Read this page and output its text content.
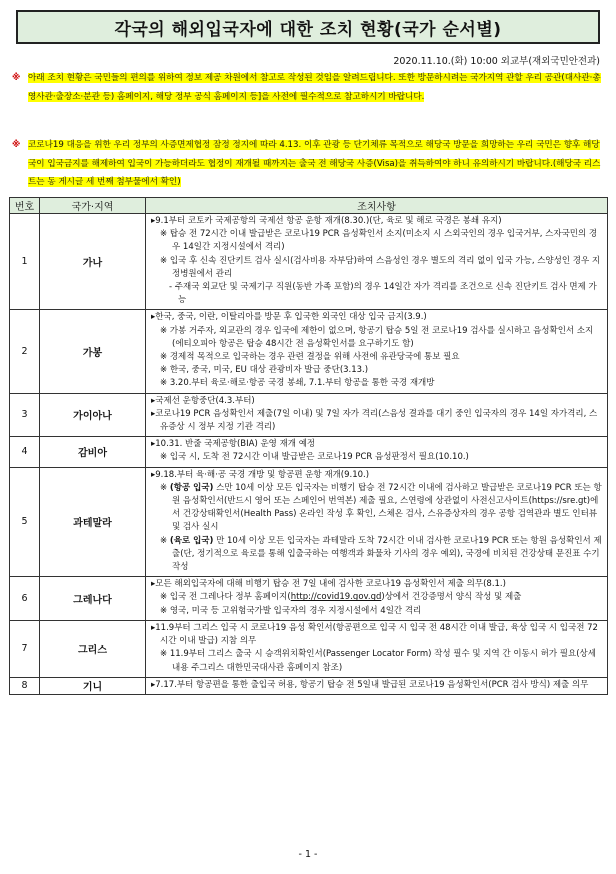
각국의 해외입국자에 대한 조치 현황(국가 순서별)
2020.11.10.(화) 10:00 외교부(재외국민안전과)
※ 아래 조치 현황은 국민들의 편의를 위하여 정보 제공 차원에서 참고로 작성된 것임을 알려드립니다. 또한 방문하시려는 국가지역 관할 우리 공관(대사관·총영사관·출장소·분관 등) 홈페이지, 해당 정부 공식 홈페이지 등]을 사전에 필수적으로 참고하시기 바랍니다.
※ 코로나19 대응을 위한 우리 정부의 사증면제협정 잠정 정지에 따라 4.13. 이후 관광 등 단기체류 목적으로 해당국 방문을 희망하는 우리 국민은 향후 해당국이 입국금지를 해제하여 입국이 가능하더라도 협정이 재개될 때까지는 출국 전 해당국 사증(Visa)을 취득하여야 하니 유의하시기 바랍니다.(해당국 리스트는 동 게시글 세 번째 첨부물에서 확인)
번호	국가·지역	조치사항
1	가나	▸9.1부터 코토카 국제공항의 국제선 항공 운항 재개(8.30.)(단, 육로 및 해로 국경은 봉쇄 유지)
※ 탑승 전 72시간 이내 발급받은 코로나19 PCR 음성확인서 소지(미소지 시 스외국인의 경우 입국거부, 스자국민의 경우 14일간 지정시설에서 격리)
※ 입국 후 신속 진단키트 검사 실시(검사비용 자부담)하여 스음성인 경우 별도의 격리 없이 입국 가능, 스양성인 경우 지정병원에서 관리
- 주재국 외교단 및 국제기구 직원(동반 가족 포함)의 경우 14일간 자가 격리를 조건으로 신속 진단키트 검사 면제 가능

2	가봉	▸한국, 중국, 이란, 이탈리아를 방문 후 입국한 외국인 대상 입국 금지(3.9.)
※ 가봉 거주자, 외교관의 경우 입국에 제한이 없으며, 항공기 탑승 5일 전 코로나19 검사를 실시하고 음성확인서 소지(에티오피아 항공은 탑승 48시간 전 음성확인서를 요구하기도 함)
※ 경제적 목적으로 입국하는 경우 관련 결정을 위해 사전에 유관당국에 통보 필요
※ 한국, 중국, 미국, EU 대상 관광비자 발급 중단(3.13.)
※ 3.20.부터 육로·해로·항공 국경 봉쇄, 7.1.부터 항공을 통한 국경 재개방

3	가이아나	▸국제선 운항중단(4.3.부터)
▸코로나19 PCR 음성확인서 제출(7일 이내) 및 7일 자가 격리(스음성 결과를 대기 중인 입국자의 경우 14일 자가격리, 스유증상 시 정부 지정 기관 격리)

4	감비아	▸10.31. 반줄 국제공항(BIA) 운영 재개 예정
※ 입국 시, 도착 전 72시간 이내 발급받은 코로나19 PCR 음성판정서 필요(10.10.)

5	과테말라	▸9.18.부터 육·해·공 국경 개방 및 항공편 운항 재개(9.10.)
※ (항공 입국) 스만 10세 이상 모든 입국자는 비행기 탑승 전 72시간 이내에 검사하고 발급받은 코로나19 PCR 또는 항원 음성확인서(반드시 영어 또는 스페인어 번역본) 제출 필요, 스연령에 상관없이 사전신고사이트(https://sre.gt)에서 건강상태확인서(Health Pass) 온라인 작성 후 확인, 스체온 검사, 스유증상자의 경우 공항 검역관과 별도 인터뷰 및 검사 실시
※ (육로 입국) 만 10세 이상 모든 입국자는 과테말라 도착 72시간 이내 검사한 코로나19 PCR 또는 항원 음성확인서 제출(단, 정기적으로 육로를 통해 입출국하는 여행객과 화물차 기사의 경우 예외), 국경에 비치된 건강상태 문진표 수기 작성

6	그레나다	▸모든 해외입국자에 대해 비행기 탑승 전 7일 내에 검사한 코로나19 음성확인서 제출 의무(8.1.)
※ 입국 전 그레나다 정부 홈페이지(http://covid19.gov.gd)상에서 건강증명서 양식 작성 및 제출
※ 영국, 미국 등 고위험국가발 입국자의 경우 지정시설에서 4일간 격리

7	그리스	▸11.9부터 그리스 입국 시 코로나19 음성 확인서(항공편으로 입국 시 입국 전 48시간 이내 발급, 육상 입국 시 입국전 72시간 이내 발급) 지참 의무
※ 11.9부터 그리스 출국 시 승객위치확인서(Passenger Locator Form) 작성 필수 및 지역 간 이동시 허가 필요(상세내용 주그리스 대한민국대사관 홈페이지 참조)

8	기니	▸7.17.부터 항공편을 통한 출입국 허용, 항공기 탑승 전 5일내 발급된 코로나19 음성확인서(PCR 검사 방식) 제출 의무
- 1 -
